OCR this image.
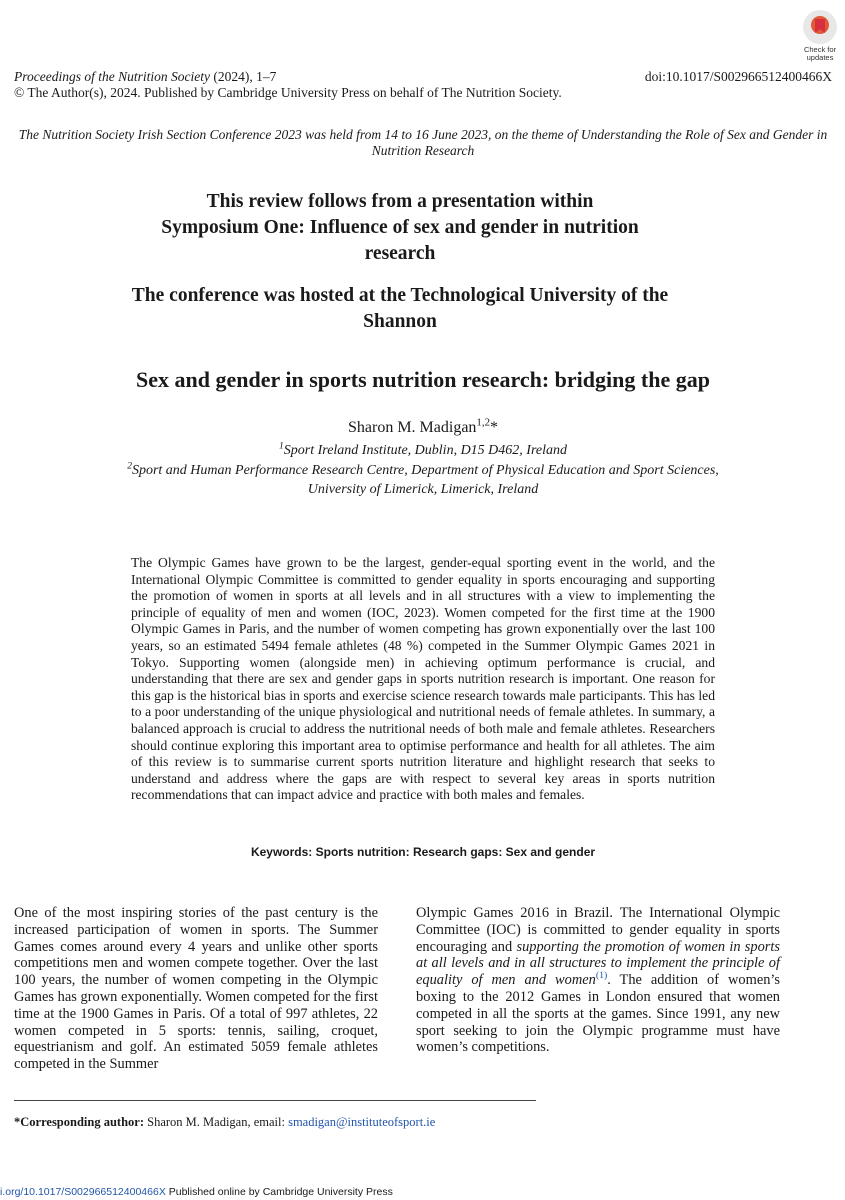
Check for
updates
Proceedings of the Nutrition Society (2024), 1–7	doi:10.1017/S002966512400466X
© The Author(s), 2024. Published by Cambridge University Press on behalf of The Nutrition Society.
The Nutrition Society Irish Section Conference 2023 was held from 14 to 16 June 2023, on the theme of Understanding the Role of Sex and Gender in Nutrition Research
This review follows from a presentation within
Symposium One: Influence of sex and gender in nutrition research
The conference was hosted at the Technological University of the Shannon
Sex and gender in sports nutrition research: bridging the gap
Sharon M. Madigan$^{1,2}$*
$^1$Sport Ireland Institute, Dublin, D15 D462, Ireland
$^2$Sport and Human Performance Research Centre, Department of Physical Education and Sport Sciences,
University of Limerick, Limerick, Ireland
The Olympic Games have grown to be the largest, gender-equal sporting event in the world, and the International Olympic Committee is committed to gender equality in sports encouraging and supporting the promotion of women in sports at all levels and in all structures with a view to implementing the principle of equality of men and women (IOC, 2023). Women competed for the first time at the 1900 Olympic Games in Paris, and the number of women competing has grown exponentially over the last 100 years, so an estimated 5494 female athletes (48 %) competed in the Summer Olympic Games 2021 in Tokyo. Supporting women (alongside men) in achieving optimum performance is crucial, and understanding that there are sex and gender gaps in sports nutrition research is important. One reason for this gap is the historical bias in sports and exercise science research towards male participants. This has led to a poor understanding of the unique physiological and nutritional needs of female athletes. In summary, a balanced approach is crucial to address the nutritional needs of both male and female athletes. Researchers should continue exploring this important area to optimise performance and health for all athletes. The aim of this review is to summarise current sports nutrition literature and highlight research that seeks to understand and address where the gaps are with respect to several key areas in sports nutrition recommendations that can impact advice and practice with both males and females.
Keywords: Sports nutrition: Research gaps: Sex and gender
One of the most inspiring stories of the past century is the increased participation of women in sports. The Summer Games comes around every 4 years and unlike other sports competitions men and women compete together. Over the last 100 years, the number of women competing in the Olympic Games has grown exponentially. Women competed for the first time at the 1900 Games in Paris. Of a total of 997 athletes, 22 women competed in 5 sports: tennis, sailing, croquet, equestrianism and golf. An estimated 5059 female athletes competed in the Summer
Olympic Games 2016 in Brazil. The International Olympic Committee (IOC) is committed to gender equality in sports encouraging and supporting the promotion of women in sports at all levels and in all structures to implement the principle of equality of men and women$^{(1)}$. The addition of women’s boxing to the 2012 Games in London ensured that women competed in all the sports at the games. Since 1991, any new sport seeking to join the Olympic programme must have women’s competitions.
*Corresponding author: Sharon M. Madigan, email: smadigan@instituteofsport.ie
i.org/10.1017/S002966512400466X Published online by Cambridge University Press
